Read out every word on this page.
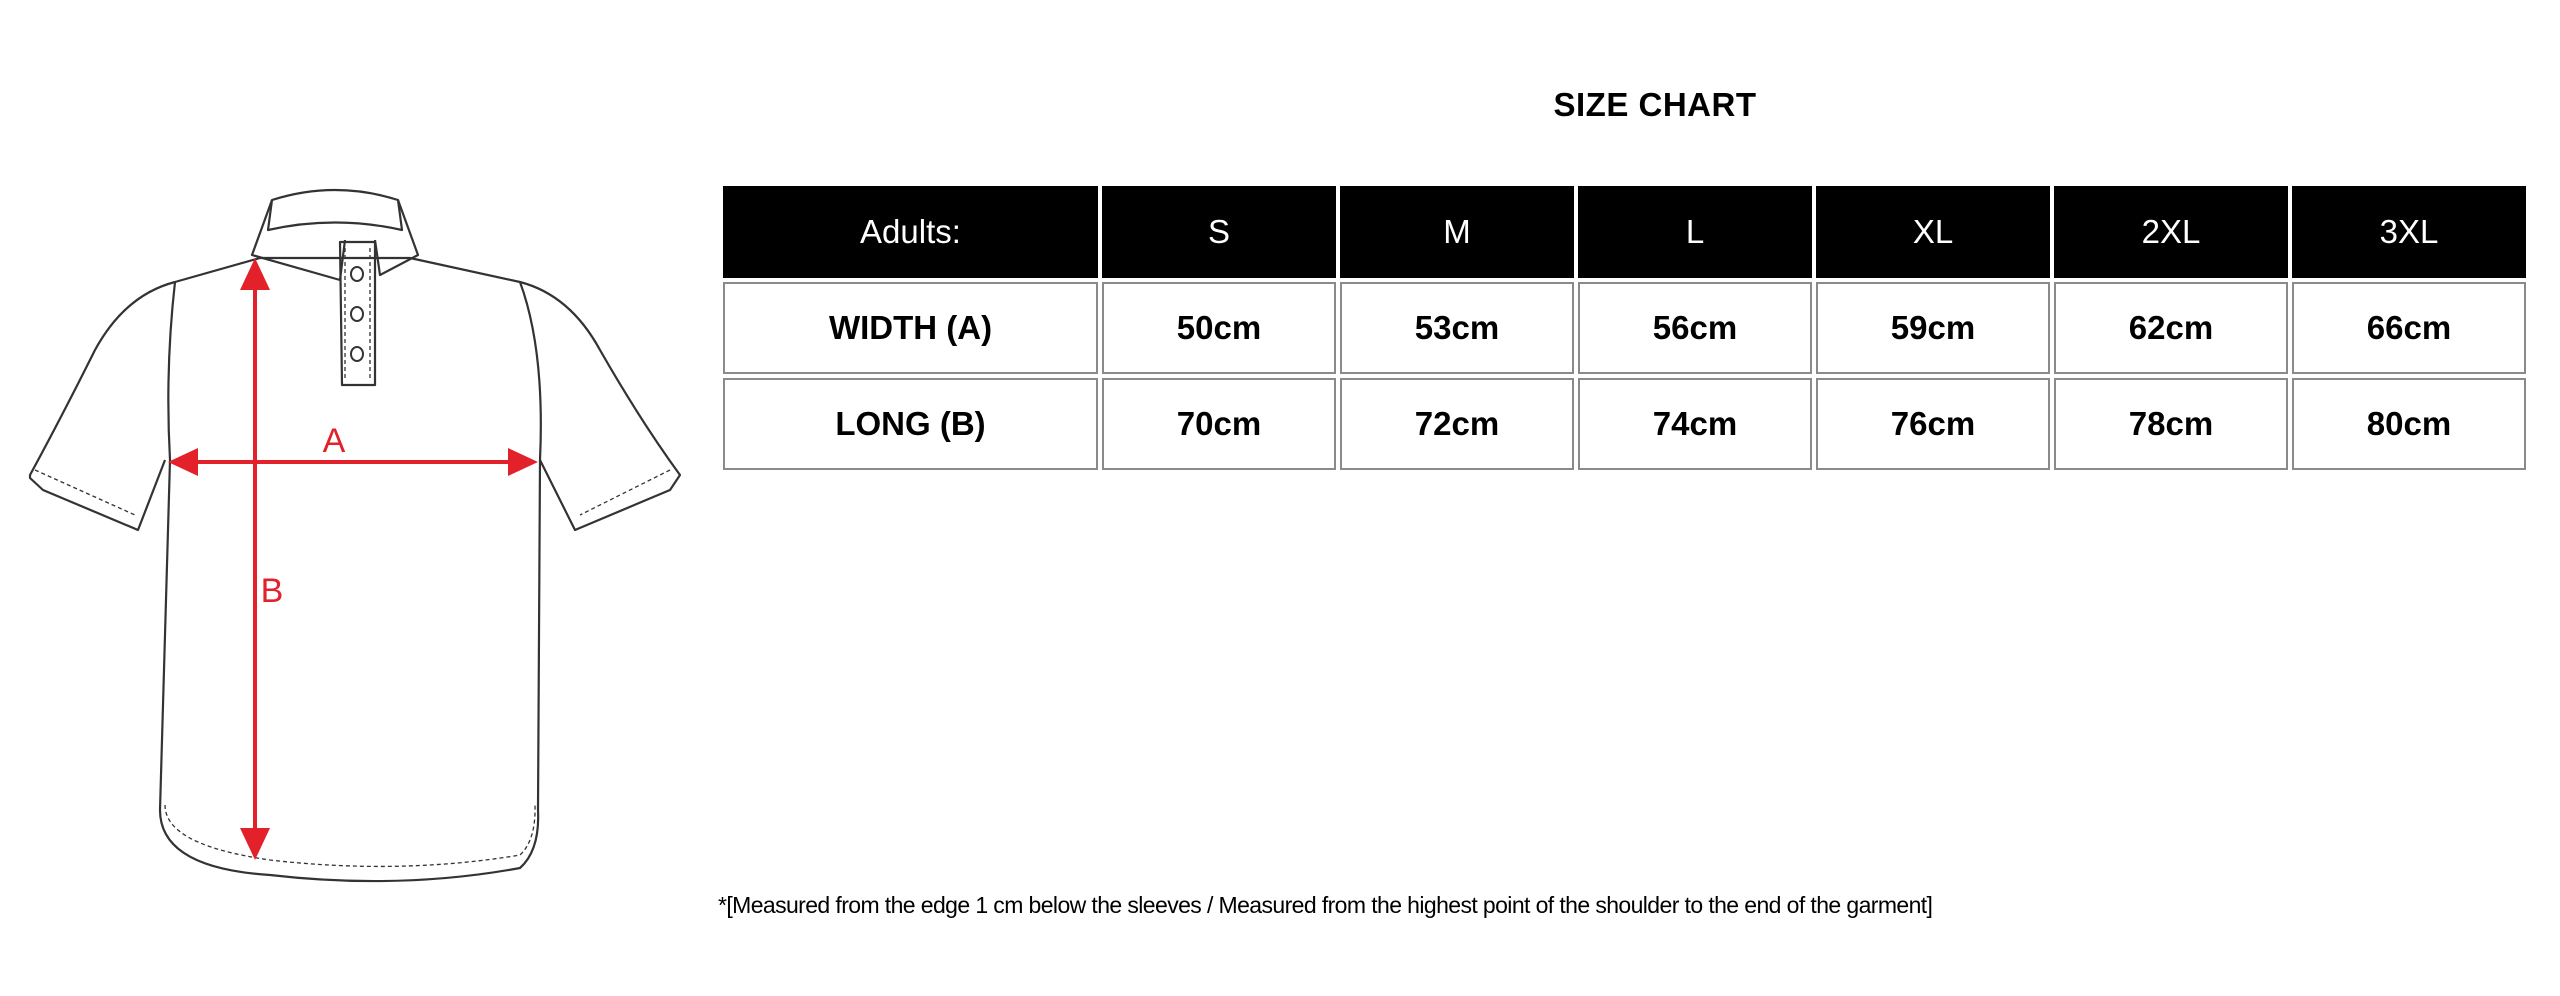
A
B
SIZE CHART
Adults:	S	M	L	XL	2XL	3XL
WIDTH (A)	50cm	53cm	56cm	59cm	62cm	66cm
LONG (B)	70cm	72cm	74cm	76cm	78cm	80cm
*[Measured from the edge 1 cm below the sleeves / Measured from the highest point of the shoulder to the end of the garment]
